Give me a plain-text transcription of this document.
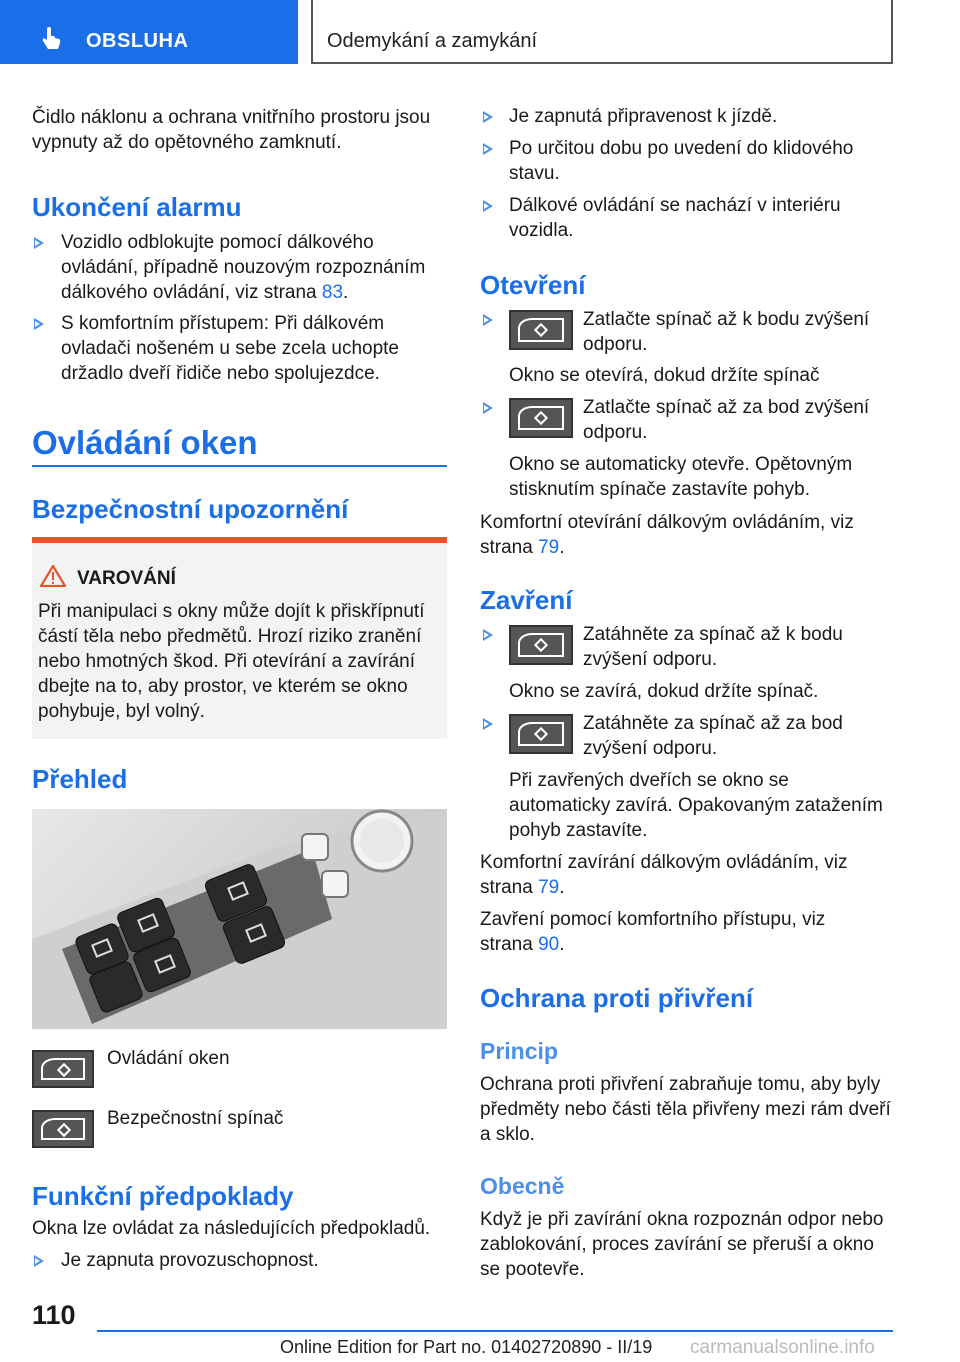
OBSLUHA	Odemykání a zamykání
Čidlo náklonu a ochrana vnitřního prostoru jsou vypnuty až do opětovného zamknutí.
Ukončení alarmu
Vozidlo odblokujte pomocí dálkového ovládání, případně nouzovým rozpoznáním dálkového ovládání, viz strana 83.
S komfortním přístupem: Při dálkovém ovladači nošeném u sebe zcela uchopte držadlo dveří řidiče nebo spolujezdce.
Ovládání oken
Bezpečnostní upozornění
VAROVÁNÍ
Při manipulaci s okny může dojít k přiskřípnutí částí těla nebo předmětů. Hrozí riziko zranění nebo hmotných škod. Při otevírání a zavírání dbejte na to, aby prostor, ve kterém se okno pohybuje, byl volný.
Přehled
Ovládání oken
Bezpečnostní spínač
Funkční předpoklady
Okna lze ovládat za následujících předpokladů.
Je zapnuta provozuschopnost.
Je zapnutá připravenost k jízdě.
Po určitou dobu po uvedení do klidového stavu.
Dálkové ovládání se nachází v interiéru vozidla.
Otevření
Zatlačte spínač až k bodu zvýšení odporu.
Okno se otevírá, dokud držíte spínač
Zatlačte spínač až za bod zvýšení odporu.
Okno se automaticky otevře. Opětovným stisknutím spínače zastavíte pohyb.
Komfortní otevírání dálkovým ovládáním, viz strana 79.
Zavření
Zatáhněte za spínač až k bodu zvýšení odporu.
Okno se zavírá, dokud držíte spínač.
Zatáhněte za spínač až za bod zvýšení odporu.
Při zavřených dveřích se okno se automaticky zavírá. Opakovaným zatažením pohyb zastavíte.
Komfortní zavírání dálkovým ovládáním, viz strana 79.
Zavření pomocí komfortního přístupu, viz strana 90.
Ochrana proti přivření
Princip
Ochrana proti přivření zabraňuje tomu, aby byly předměty nebo části těla přivřeny mezi rám dveří a sklo.
Obecně
Když je při zavírání okna rozpoznán odpor nebo zablokování, proces zavírání se přeruší a okno se pootevře.
110
Online Edition for Part no. 01402720890 - II/19 carmanualsonline.info
